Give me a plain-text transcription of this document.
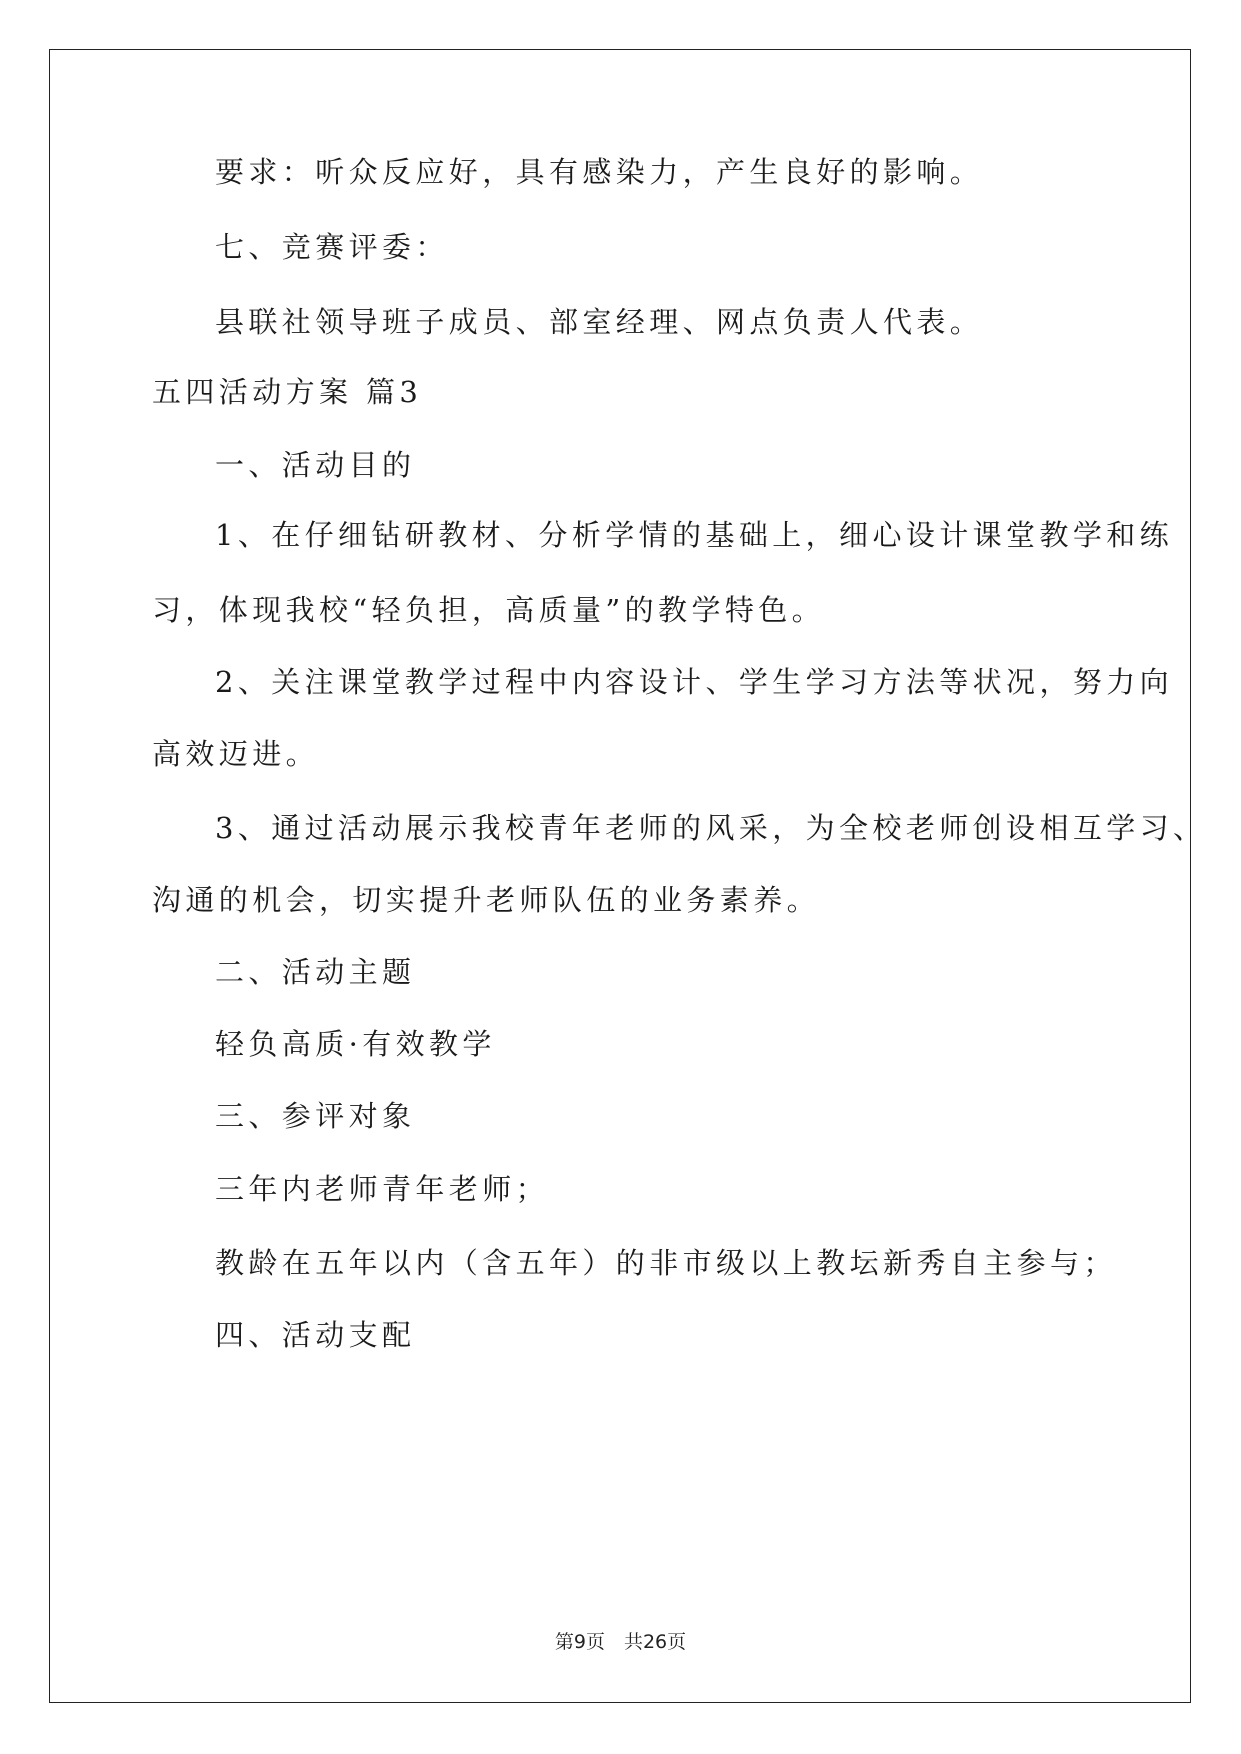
要求：听众反应好，具有感染力，产生良好的影响。
七、竞赛评委：
县联社领导班子成员、部室经理、网点负责人代表。
五四活动方案 篇3
一、活动目的
1、在仔细钻研教材、分析学情的基础上，细心设计课堂教学和练
习，体现我校“轻负担，高质量”的教学特色。
2、关注课堂教学过程中内容设计、学生学习方法等状况，努力向
高效迈进。
3、通过活动展示我校青年老师的风采，为全校老师创设相互学习、
沟通的机会，切实提升老师队伍的业务素养。
二、活动主题
轻负高质·有效教学
三、参评对象
三年内老师青年老师；
教龄在五年以内（含五年）的非市级以上教坛新秀自主参与；
四、活动支配
第9页　共26页
